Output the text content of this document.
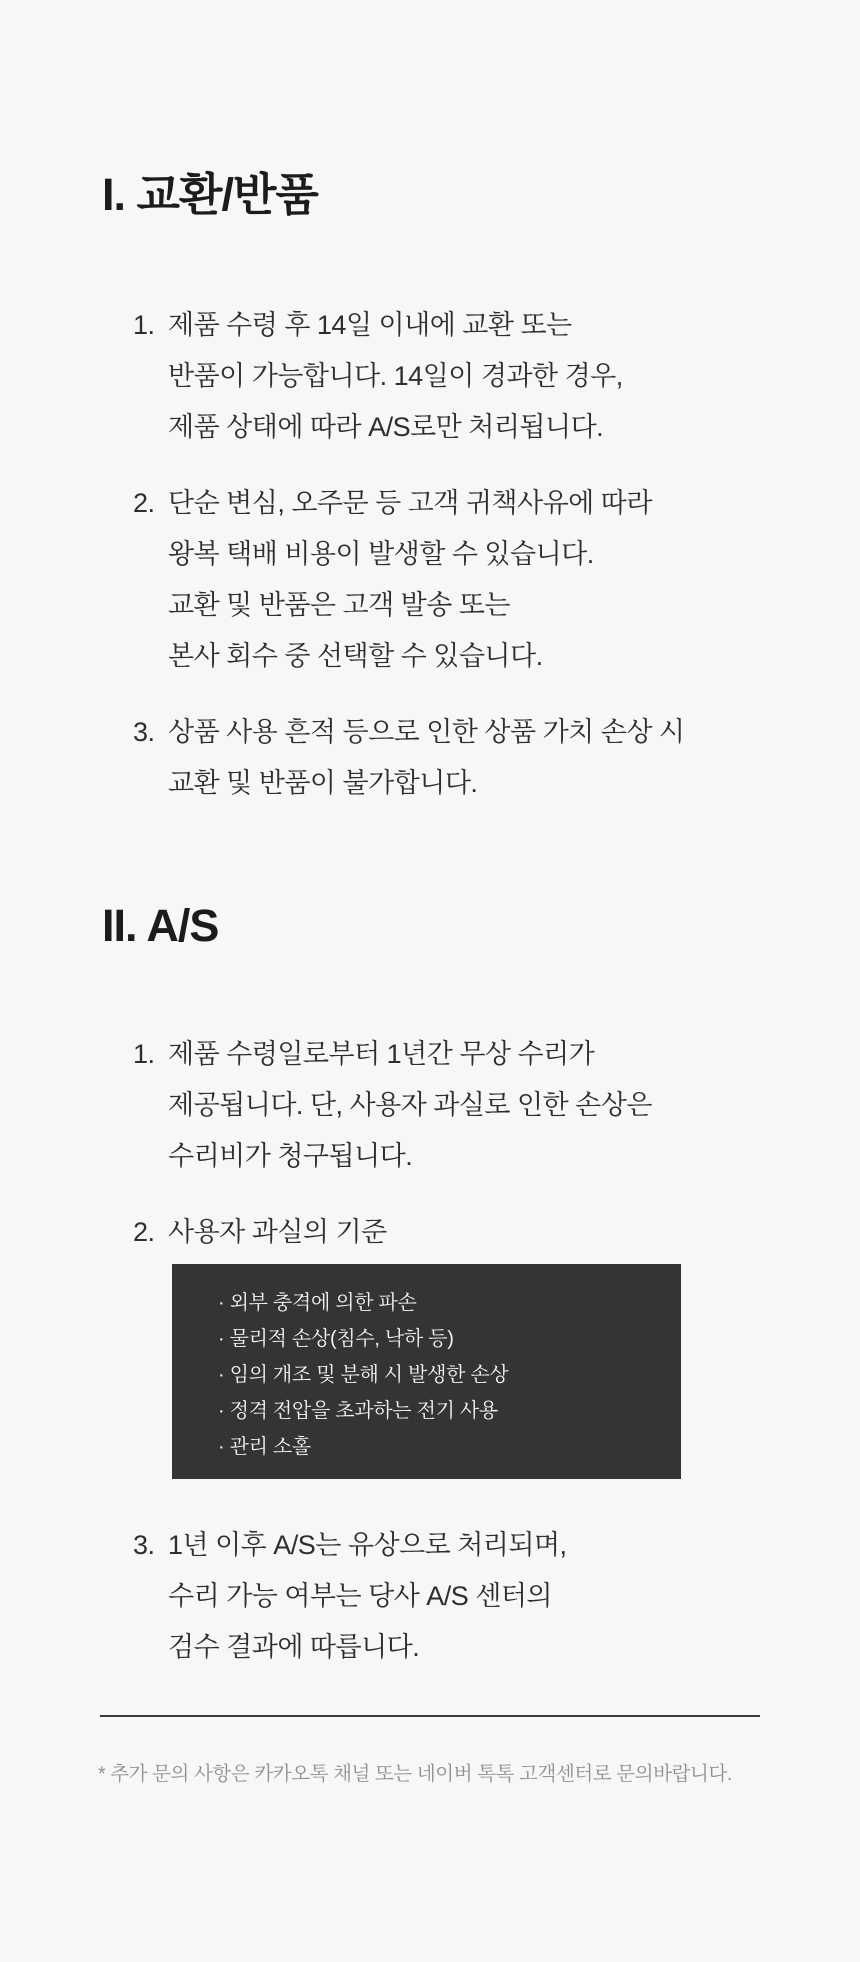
I. 교환/반품
1. 제품 수령 후 14일 이내에 교환 또는
반품이 가능합니다. 14일이 경과한 경우,
제품 상태에 따라 A/S로만 처리됩니다.
2. 단순 변심, 오주문 등 고객 귀책사유에 따라
왕복 택배 비용이 발생할 수 있습니다.
교환 및 반품은 고객 발송 또는
본사 회수 중 선택할 수 있습니다.
3. 상품 사용 흔적 등으로 인한 상품 가치 손상 시
교환 및 반품이 불가합니다.
II. A/S
1. 제품 수령일로부터 1년간 무상 수리가
제공됩니다. 단, 사용자 과실로 인한 손상은
수리비가 청구됩니다.
2. 사용자 과실의 기준
· 외부 충격에 의한 파손
· 물리적 손상(침수, 낙하 등)
· 임의 개조 및 분해 시 발생한 손상
· 정격 전압을 초과하는 전기 사용
· 관리 소홀
3. 1년 이후 A/S는 유상으로 처리되며,
수리 가능 여부는 당사 A/S 센터의
검수 결과에 따릅니다.

* 추가 문의 사항은 카카오톡 채널 또는 네이버 톡톡 고객센터로 문의바랍니다.
